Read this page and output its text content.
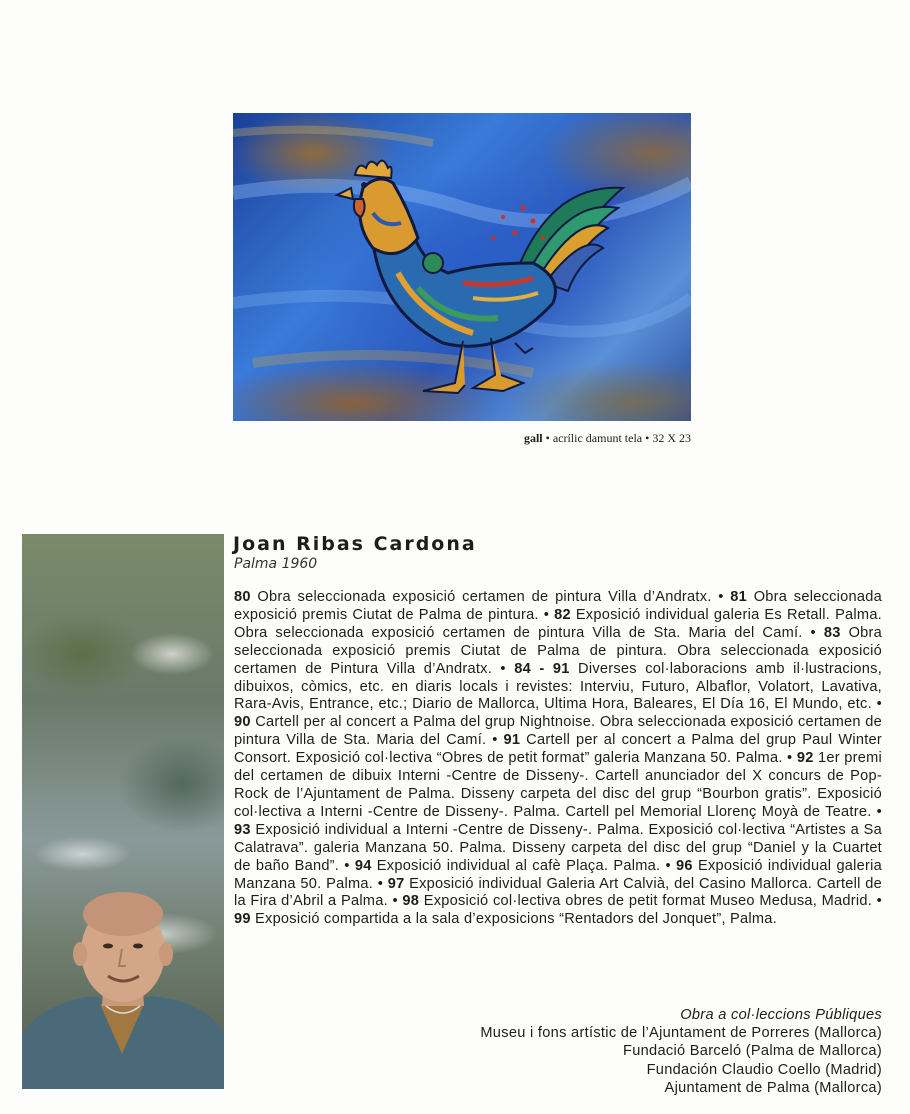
gall • acrílic damunt tela • 32 X 23
Joan Ribas Cardona

Palma 1960

80 Obra seleccionada exposició certamen de pintura Villa d’Andratx. • 81 Obra seleccionada exposició premis Ciutat de Palma de pintura. • 82 Exposició individual galeria Es Retall. Palma. Obra seleccionada exposició certamen de pintura Villa de Sta. Maria del Camí. • 83 Obra seleccionada exposició premis Ciutat de Palma de pintura. Obra seleccionada exposició certamen de Pintura Villa d’Andratx. • 84 - 91 Diverses col·laboracions amb il·lustracions, dibuixos, còmics, etc. en diaris locals i revistes: Interviu, Futuro, Albaflor, Volatort, Lavativa, Rara-Avis, Entrance, etc.; Diario de Mallorca, Ultima Hora, Baleares, El Día 16, El Mundo, etc. • 90 Cartell per al concert a Palma del grup Nightnoise. Obra seleccionada exposició certamen de pintura Villa de Sta. Maria del Camí. • 91 Cartell per al concert a Palma del grup Paul Winter Consort. Exposició col·lectiva “Obres de petit format” galeria Manzana 50. Palma. • 92 1er premi del certamen de dibuix Interni -Centre de Disseny-. Cartell anunciador del X concurs de Pop-Rock de l’Ajuntament de Palma. Disseny carpeta del disc del grup “Bourbon gratis”. Exposició col·lectiva a Interni -Centre de Disseny-. Palma. Cartell pel Memorial Llorenç Moyà de Teatre. • 93 Exposició individual a Interni -Centre de Disseny-. Palma. Exposició col·lectiva “Artistes a Sa Calatrava”. galeria Manzana 50. Palma. Disseny carpeta del disc del grup “Daniel y la Cuartet de baño Band”. • 94 Exposició individual al cafè Plaça. Palma. • 96 Exposició individual galeria Manzana 50. Palma. • 97 Exposició individual Galeria Art Calvià, del Casino Mallorca. Cartell de la Fira d’Abril a Palma. • 98 Exposició col·lectiva obres de petit format Museo Medusa, Madrid. • 99 Exposició compartida a la sala d’exposicions “Rentadors del Jonquet”, Palma.

Obra a col·leccions Públiques
Museu i fons artístic de l’Ajuntament de Porreres (Mallorca)
Fundació Barceló (Palma de Mallorca)
Fundación Claudio Coello (Madrid)
Ajuntament de Palma (Mallorca)
